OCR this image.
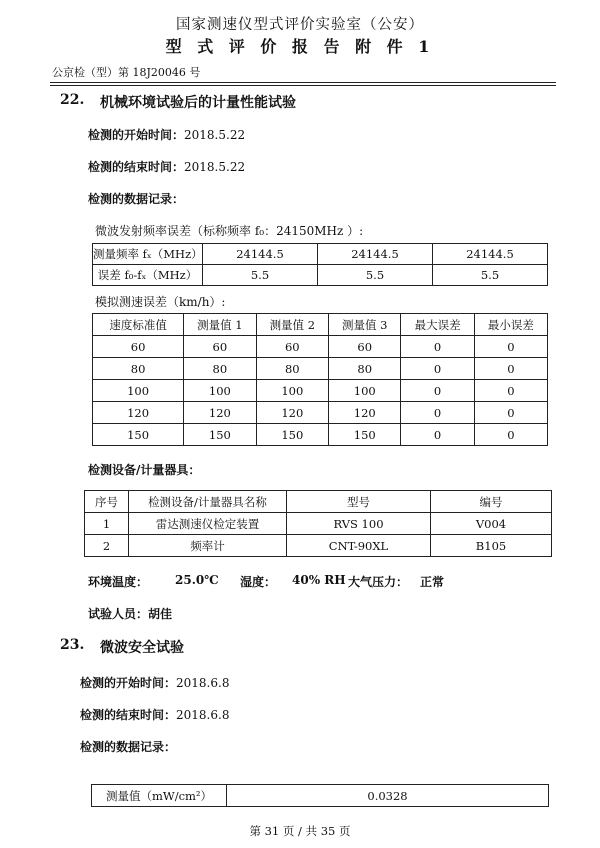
国家测速仪型式评价实验室（公安）
型 式 评 价 报 告 附 件 1
公京检（型）第 18J20046 号
22. 机械环境试验后的计量性能试验
检测的开始时间：2018.5.22
检测的结束时间：2018.5.22
检测的数据记录：
微波发射频率误差（标称频率 f₀：24150MHz ）:
测量频率 fₓ（MHz）	24144.5	24144.5	24144.5
误差 f₀-fₓ（MHz）	5.5	5.5	5.5
模拟测速误差（km/h）:
速度标准值	测量值 1	测量值 2	测量值 3	最大误差	最小误差
60	60	60	60	0	0
80	80	80	80	0	0
100	100	100	100	0	0
120	120	120	120	0	0
150	150	150	150	0	0
检测设备/计量器具：
序号	检测设备/计量器具名称	型号	编号
1	雷达测速仪检定装置	RVS 100	V004
2	频率计	CNT-90XL	B105
环境温度： 25.0℃ 湿度： 40% RH 大气压力： 正常
试验人员：胡佳
23. 微波安全试验
检测的开始时间：2018.6.8
检测的结束时间：2018.6.8
检测的数据记录：
测量值（mW/cm²）	0.0328
第 31 页 / 共 35 页
